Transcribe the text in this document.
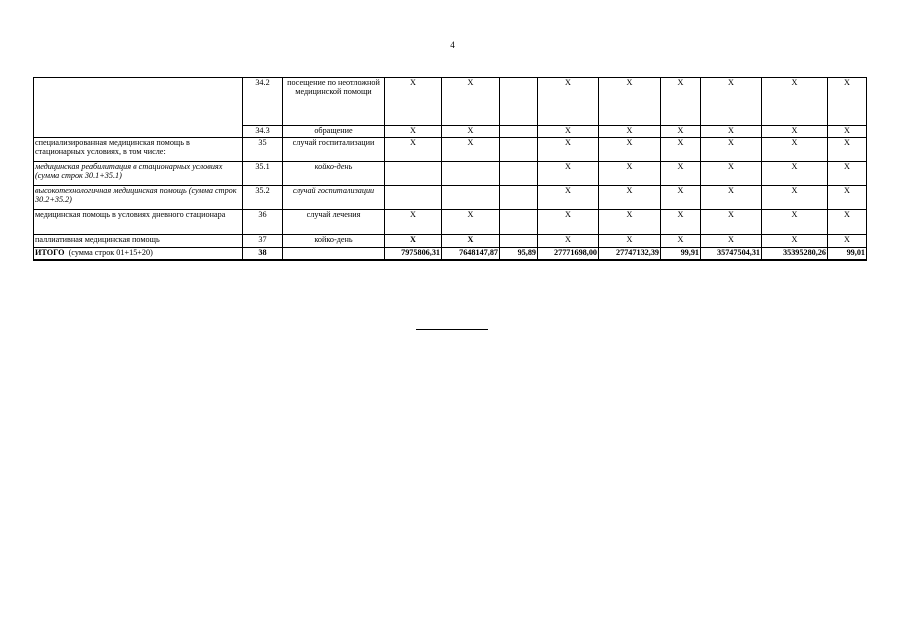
4
	34.2	посещение по неотложной медицинской помощи	Х	Х		Х	Х	Х	Х	Х	Х
	34.3	обращение	Х	Х		Х	Х	Х	Х	Х	Х
специализированная медицинская помощь в стационарных условиях, в том числе:	35	случай госпитализации	Х	Х		Х	Х	Х	Х	Х	Х
медицинская реабилитация в стационарных условиях (сумма строк 30.1+35.1)	35.1	койко-день				Х	Х	Х	Х	Х	Х
высокотехнологичная медицинская помощь (сумма строк 30.2+35.2)	35.2	случай госпитализации				Х	Х	Х	Х	Х	Х
медицинская помощь в условиях дневного стационара	36	случай лечения	Х	Х		Х	Х	Х	Х	Х	Х
паллиативная медицинская помощь	37	койко-день	Х	Х		Х	Х	Х	Х	Х	Х
ИТОГО (сумма строк 01+15+20)	38		7975806,31	7648147,87	95,89	27771698,00	27747132,39	99,91	35747504,31	35395280,26	99,01
